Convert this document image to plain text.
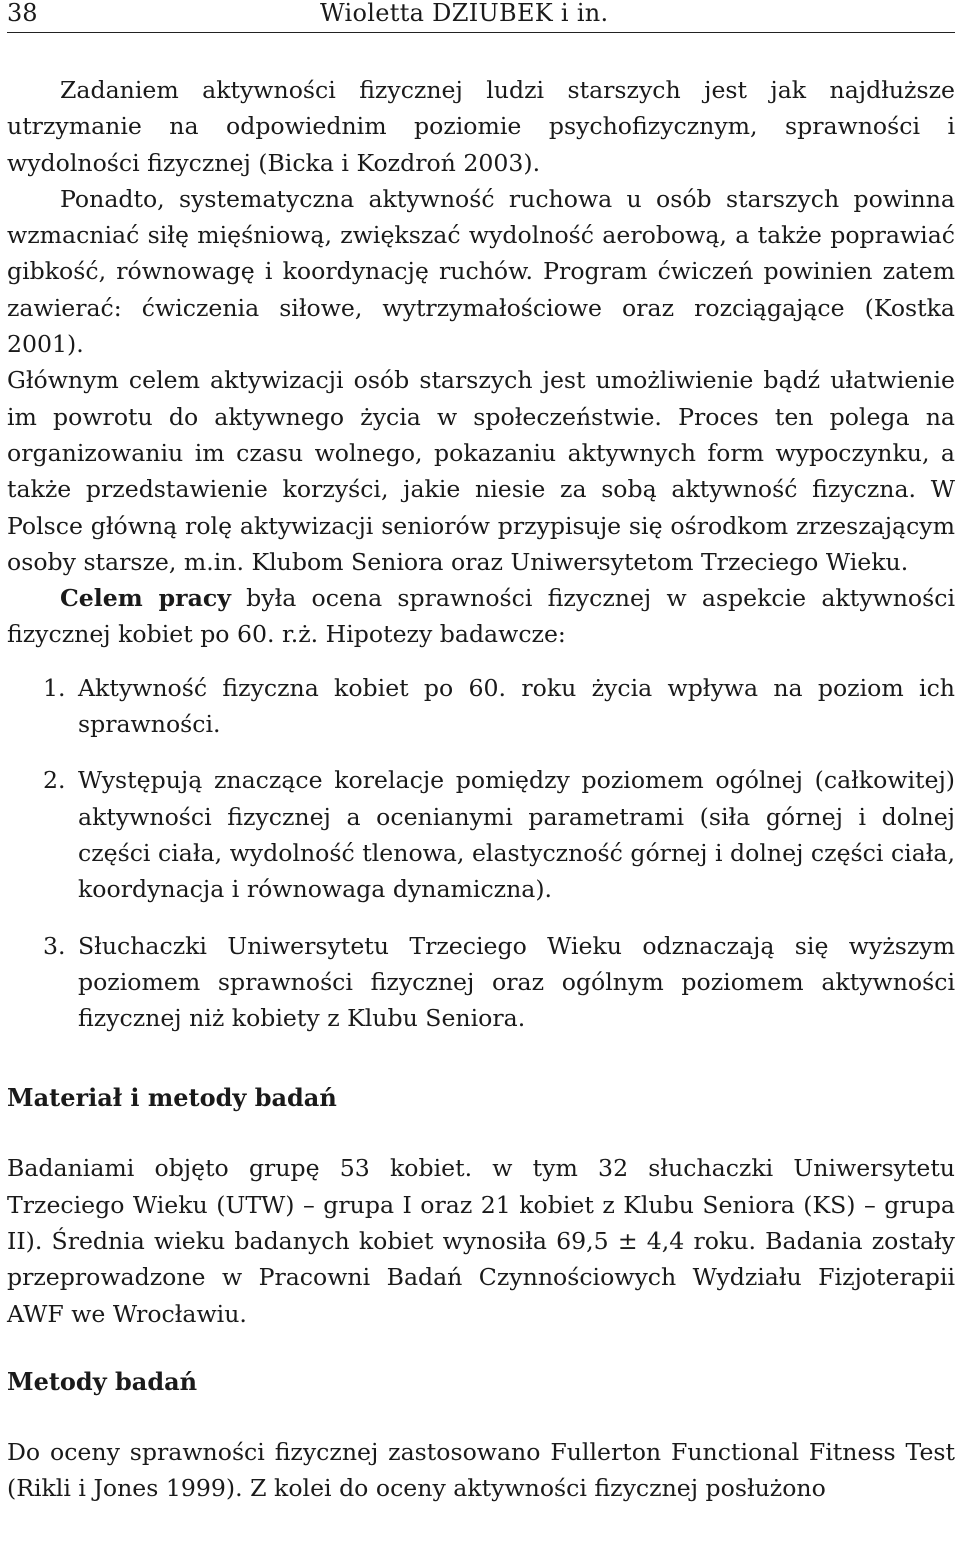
38	Wioletta DZIUBEK i in.

Zadaniem aktywności fizycznej ludzi starszych jest jak najdłuższe utrzymanie na odpowiednim poziomie psychofizycznym, sprawności i wydolności fizycznej (Bicka i Kozdroń 2003).

Ponadto, systematyczna aktywność ruchowa u osób starszych powinna wzmacniać siłę mięśniową, zwiększać wydolność aerobową, a także poprawiać gibkość, równowagę i koordynację ruchów. Program ćwiczeń powinien zatem zawierać: ćwiczenia siłowe, wytrzymałościowe oraz rozciągające (Kostka 2001).

Głównym celem aktywizacji osób starszych jest umożliwienie bądź ułatwienie im powrotu do aktywnego życia w społeczeństwie. Proces ten polega na organizowaniu im czasu wolnego, pokazaniu aktywnych form wypoczynku, a także przedstawienie korzyści, jakie niesie za sobą aktywność fizyczna. W Polsce główną rolę aktywizacji seniorów przypisuje się ośrodkom zrzeszającym osoby starsze, m.in. Klubom Seniora oraz Uniwersytetom Trzeciego Wieku.

Celem pracy była ocena sprawności fizycznej w aspekcie aktywności fizycznej kobiet po 60. r.ż. Hipotezy badawcze:

1. Aktywność fizyczna kobiet po 60. roku życia wpływa na poziom ich sprawności.
2. Występują znaczące korelacje pomiędzy poziomem ogólnej (całkowitej) aktywności fizycznej a ocenianymi parametrami (siła górnej i dolnej części ciała, wydolność tlenowa, elastyczność górnej i dolnej części ciała, koordynacja i równowaga dynamiczna).
3. Słuchaczki Uniwersytetu Trzeciego Wieku odznaczają się wyższym poziomem sprawności fizycznej oraz ogólnym poziomem aktywności fizycznej niż kobiety z Klubu Seniora.
Materiał i metody badań

Badaniami objęto grupę 53 kobiet. w tym 32 słuchaczki Uniwersytetu Trzeciego Wieku (UTW) – grupa I oraz 21 kobiet z Klubu Seniora (KS) – grupa II). Średnia wieku badanych kobiet wynosiła 69,5 ± 4,4 roku. Badania zostały przeprowadzone w Pracowni Badań Czynnościowych Wydziału Fizjoterapii AWF we Wrocławiu.

Metody badań

Do oceny sprawności fizycznej zastosowano Fullerton Functional Fitness Test (Rikli i Jones 1999). Z kolei do oceny aktywności fizycznej posłużono
